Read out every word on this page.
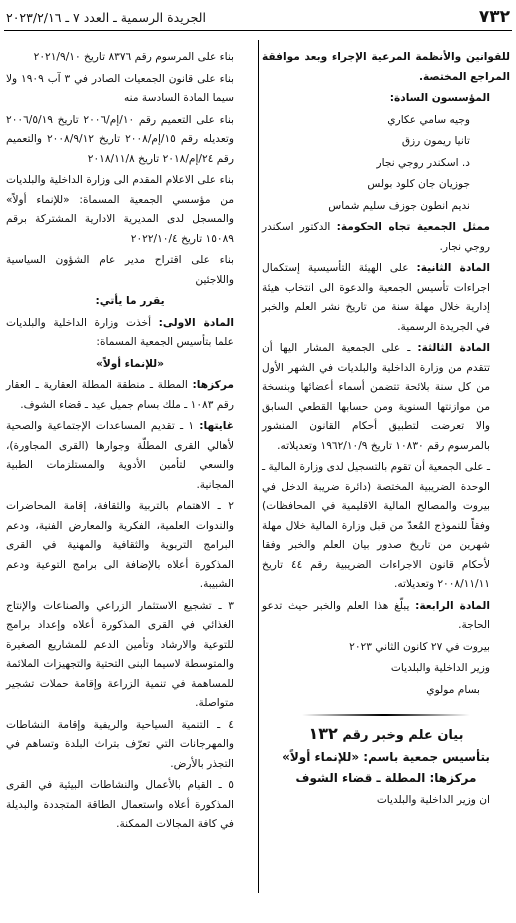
٧٣٢
الجريدة الرسمية ـ العدد ٧ ـ ٢٠٢٣/٢/١٦

للقوانين والأنظمة المرعية الإجراء وبعد موافقة المراجع المختصة.

المؤسسون السادة:

وجيه سامي عكاري

تانيا ريمون رزق

د. اسكندر روجي نجار

جوزيان جان كلود بولس

نديم انطون جوزف سليم شماس

ممثل الجمعية تجاه الحكومة: الدكتور اسكندر روجي نجار.

المادة الثانية: على الهيئة التأسيسية إستكمال اجراءات تأسيس الجمعية والدعوة الى انتخاب هيئة إدارية خلال مهلة سنة من تاريخ نشر العلم والخبر في الجريدة الرسمية.

المادة الثالثة: ـ على الجمعية المشار اليها أن تتقدم من وزارة الداخلية والبلديات في الشهر الأول من كل سنة بلائحة تتضمن أسماء أعضائها وبنسخة من موازنتها السنوية ومن حسابها القطعي السابق والا تعرضت لتطبيق أحكام القانون المنشور بالمرسوم رقم ١٠٨٣٠ تاريخ ١٩٦٢/١٠/٩ وتعديلاته.

ـ على الجمعية أن تقوم بالتسجيل لدى وزارة المالية ـ الوحدة الضريبية المختصة (دائرة ضريبة الدخل في بيروت والمصالح المالية الاقليمية في المحافظات) وفقاً للنموذج المُعدّ من قبل وزارة المالية خلال مهلة شهرين من تاريخ صدور بيان العلم والخبر وفقا لأحكام قانون الاجراءات الضريبية رقم ٤٤ تاريخ ٢٠٠٨/١١/١١ وتعديلاته.

المادة الرابعة: يبلّغ هذا العلم والخبر حيث تدعو الحاجة.

بيروت في ٢٧ كانون الثاني ٢٠٢٣

وزير الداخلية والبلديات

بسام مولوي

بيان علم وخبر رقم ١٣٢

بتأسيس جمعية باسم: «للإنماء أولاً»

مركزها: المطلة ـ قضاء الشوف

ان وزير الداخلية والبلديات

بناء على المرسوم رقم ٨٣٧٦ تاريخ ٢٠٢١/٩/١٠

بناء على قانون الجمعيات الصادر في ٣ آب ١٩٠٩ ولا سيما المادة السادسة منه

بناء على التعميم رقم ١٠/إم/٢٠٠٦ تاريخ ٢٠٠٦/٥/١٩ وتعديله رقم ١٥/إم/٢٠٠٨ تاريخ ٢٠٠٨/٩/١٢ والتعميم رقم ٢٤/إم/٢٠١٨ تاريخ ٢٠١٨/١١/٨

بناء على الاعلام المقدم الى وزارة الداخلية والبلديات من مؤسسي الجمعية المسماة: «للإنماء أولاً» والمسجل لدى المديرية الادارية المشتركة برقم ١٥٠٨٩ تاريخ ٢٠٢٢/١٠/٤

بناء على اقتراح مدير عام الشؤون السياسية واللاجئين

يقرر ما يأتي:

المادة الاولى: أخذت وزارة الداخلية والبلديات علما بتأسيس الجمعية المسماة:

«للإنماء أولاً»

مركزها: المطلة ـ منطقة المطلة العقارية ـ العقار رقم ١٠٨٣ ـ ملك بسام جميل عيد ـ قضاء الشوف.

غايتها: ١ ـ تقديم المساعدات الإجتماعية والصحية لأهالي القرى المطلّة وجوارها (القرى المجاورة)، والسعي لتأمين الأدوية والمستلزمات الطبية المجانية.

٢ ـ الاهتمام بالتربية والثقافة، إقامة المحاضرات والندوات العلمية، الفكرية والمعارض الفنية، ودعم البرامج التربوية والثقافية والمهنية في القرى المذكورة أعلاه بالإضافة الى برامج التوعية ودعم الشبيبة.

٣ ـ تشجيع الاستثمار الزراعي والصناعات والإنتاج الغذائي في القرى المذكورة أعلاه وإعداد برامج للتوعية والارشاد وتأمين الدعم للمشاريع الصغيرة والمتوسطة لاسيما البنى التحتية والتجهيزات الملائمة للمساهمة في تنمية الزراعة وإقامة حملات تشجير متواصلة.

٤ ـ التنمية السياحية والريفية وإقامة النشاطات والمهرجانات التي تعرّف بتراث البلدة وتساهم في التجذر بالأرض.

٥ ـ القيام بالأعمال والنشاطات البيئية في القرى المذكورة أعلاه واستعمال الطاقة المتجددة والبديلة في كافة المجالات الممكنة.
